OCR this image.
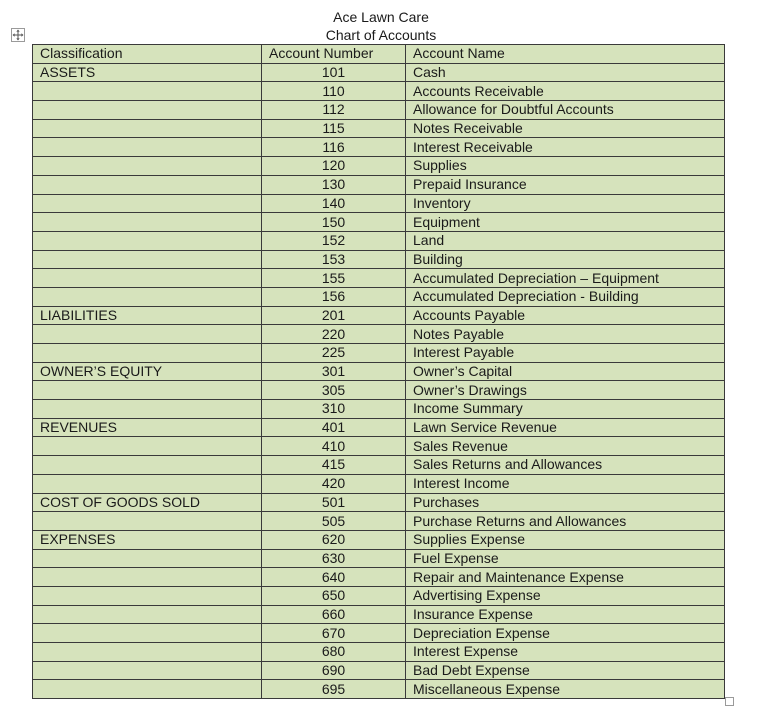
Ace Lawn Care
Chart of Accounts
Classification	Account Number	Account Name
ASSETS	101	Cash
	110	Accounts Receivable
	112	Allowance for Doubtful Accounts
	115	Notes Receivable
	116	Interest Receivable
	120	Supplies
	130	Prepaid Insurance
	140	Inventory
	150	Equipment
	152	Land
	153	Building
	155	Accumulated Depreciation – Equipment
	156	Accumulated Depreciation - Building
LIABILITIES	201	Accounts Payable
	220	Notes Payable
	225	Interest Payable
OWNER’S EQUITY	301	Owner’s Capital
	305	Owner’s Drawings
	310	Income Summary
REVENUES	401	Lawn Service Revenue
	410	Sales Revenue
	415	Sales Returns and Allowances
	420	Interest Income
COST OF GOODS SOLD	501	Purchases
	505	Purchase Returns and Allowances
EXPENSES	620	Supplies Expense
	630	Fuel Expense
	640	Repair and Maintenance Expense
	650	Advertising Expense
	660	Insurance Expense
	670	Depreciation Expense
	680	Interest Expense
	690	Bad Debt Expense
	695	Miscellaneous Expense
